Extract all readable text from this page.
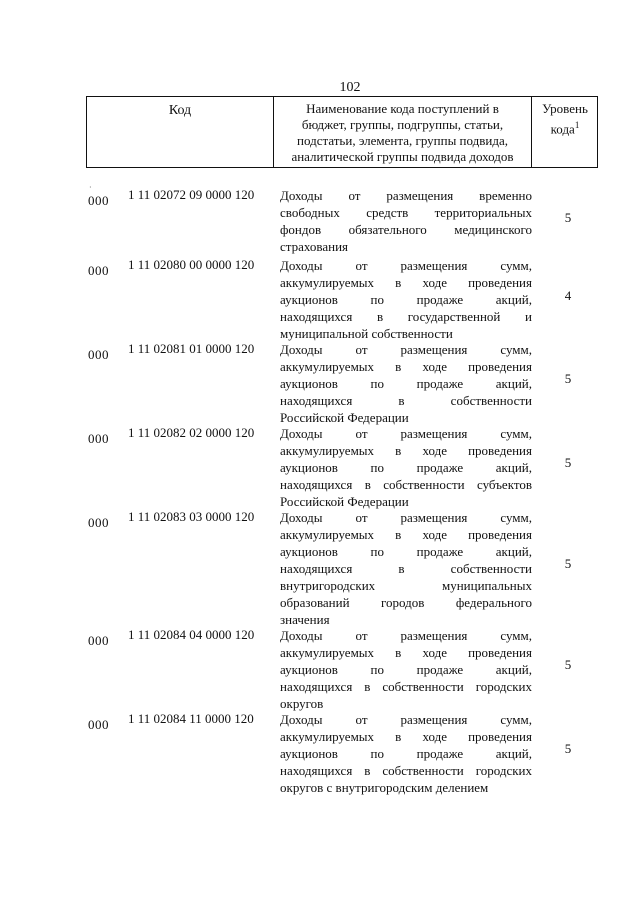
102
Код	Наименование кода поступлений в
бюджет, группы, подгруппы, статьи,
подстатьи, элемента, группы подвида,
аналитической группы подвида доходов
Уровень
кода$^1$
·
000 1 11 02072 09 0000 120 Доходы от размещения временно
свободных средств территориальных
фондов обязательного медицинского
страхования
5
000 1 11 02080 00 0000 120 Доходы от размещения сумм,
аккумулируемых в ходе проведения
аукционов по продаже акций,
находящихся в государственной и
муниципальной собственности
4
000 1 11 02081 01 0000 120 Доходы от размещения сумм,
аккумулируемых в ходе проведения
аукционов по продаже акций,
находящихся в собственности
Российской Федерации
5
000 1 11 02082 02 0000 120 Доходы от размещения сумм,
аккумулируемых в ходе проведения
аукционов по продаже акций,
находящихся в собственности субъектов
Российской Федерации
5
000 1 11 02083 03 0000 120 Доходы от размещения сумм,
аккумулируемых в ходе проведения
аукционов по продаже акций,
находящихся в собственности
внутригородских муниципальных
образований городов федерального
значения
5
000 1 11 02084 04 0000 120 Доходы от размещения сумм,
аккумулируемых в ходе проведения
аукционов по продаже акций,
находящихся в собственности городских
округов
5
000 1 11 02084 11 0000 120 Доходы от размещения сумм,
аккумулируемых в ходе проведения
аукционов по продаже акций,
находящихся в собственности городских
округов с внутригородским делением
5
